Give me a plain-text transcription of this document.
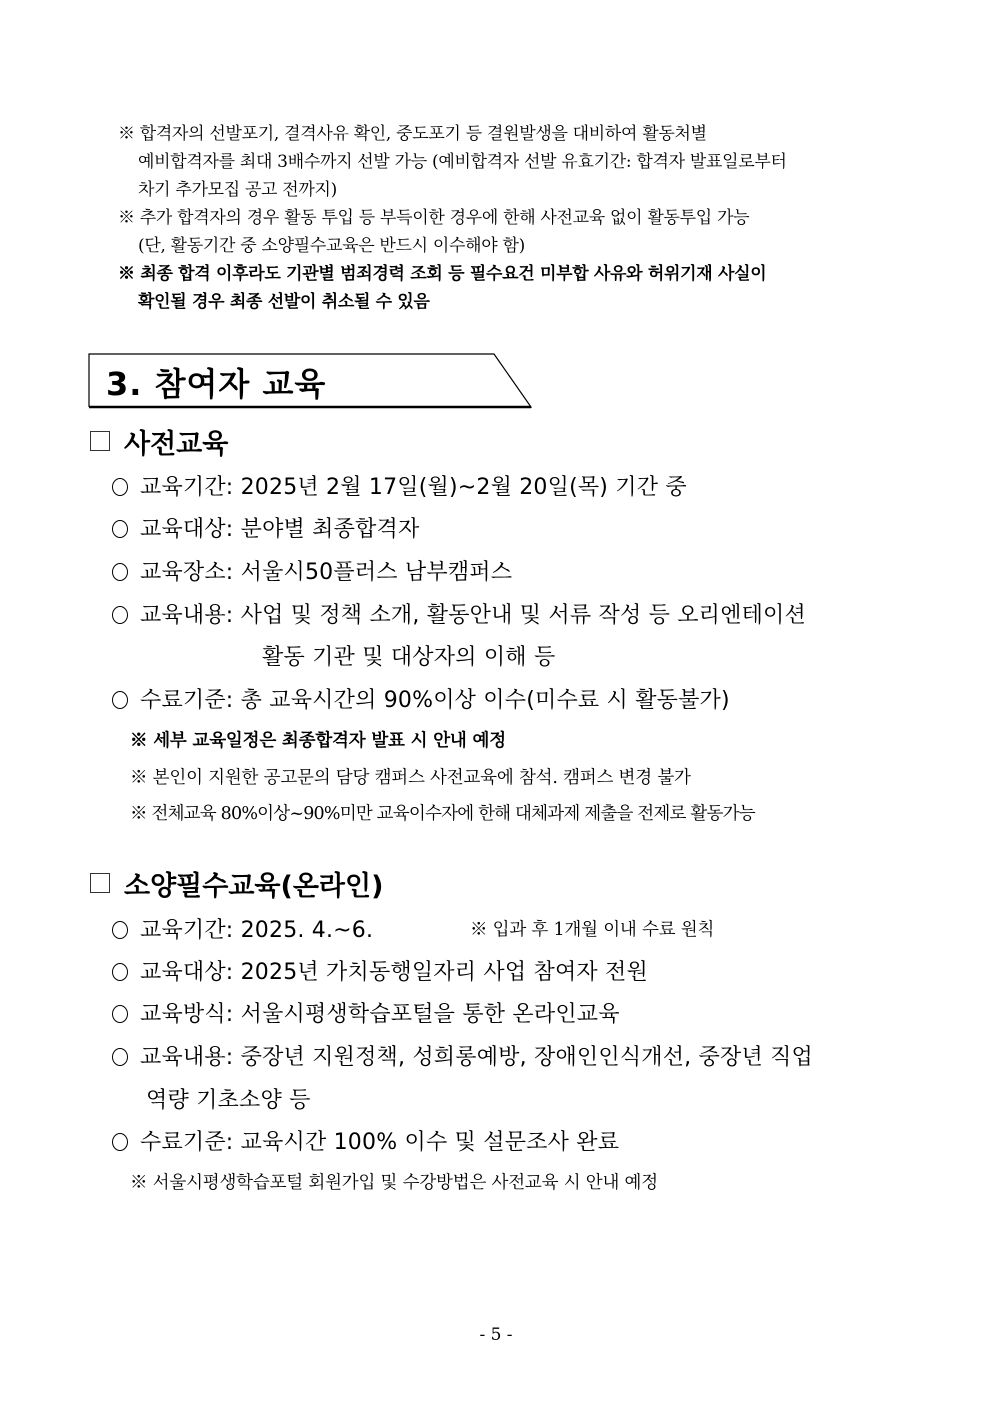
※ 합격자의 선발포기, 결격사유 확인, 중도포기 등 결원발생을 대비하여 활동처별
예비합격자를 최대 3배수까지 선발 가능 (예비합격자 선발 유효기간: 합격자 발표일로부터
차기 추가모집 공고 전까지)
※ 추가 합격자의 경우 활동 투입 등 부득이한 경우에 한해 사전교육 없이 활동투입 가능
(단, 활동기간 중 소양필수교육은 반드시 이수해야 함)
※ 최종 합격 이후라도 기관별 범죄경력 조회 등 필수요건 미부합 사유와 허위기재 사실이
확인될 경우 최종 선발이 취소될 수 있음
3. 참여자 교육
사전교육
교육기간: 2025년 2월 17일(월)~2월 20일(목) 기간 중
교육대상: 분야별 최종합격자
교육장소: 서울시50플러스 남부캠퍼스
교육내용: 사업 및 정책 소개, 활동안내 및 서류 작성 등 오리엔테이션
활동 기관 및 대상자의 이해 등
수료기준: 총 교육시간의 90%이상 이수(미수료 시 활동불가)
※ 세부 교육일정은 최종합격자 발표 시 안내 예정
※ 본인이 지원한 공고문의 담당 캠퍼스 사전교육에 참석. 캠퍼스 변경 불가
※ 전체교육 80%이상~90%미만 교육이수자에 한해 대체과제 제출을 전제로 활동가능
소양필수교육(온라인)
교육기간: 2025. 4.~6.	※ 입과 후 1개월 이내 수료 원칙
교육대상: 2025년 가치동행일자리 사업 참여자 전원
교육방식: 서울시평생학습포털을 통한 온라인교육
교육내용: 중장년 지원정책, 성희롱예방, 장애인인식개선, 중장년 직업
역량 기초소양 등
수료기준: 교육시간 100% 이수 및 설문조사 완료
※ 서울시평생학습포털 회원가입 및 수강방법은 사전교육 시 안내 예정
- 5 -
